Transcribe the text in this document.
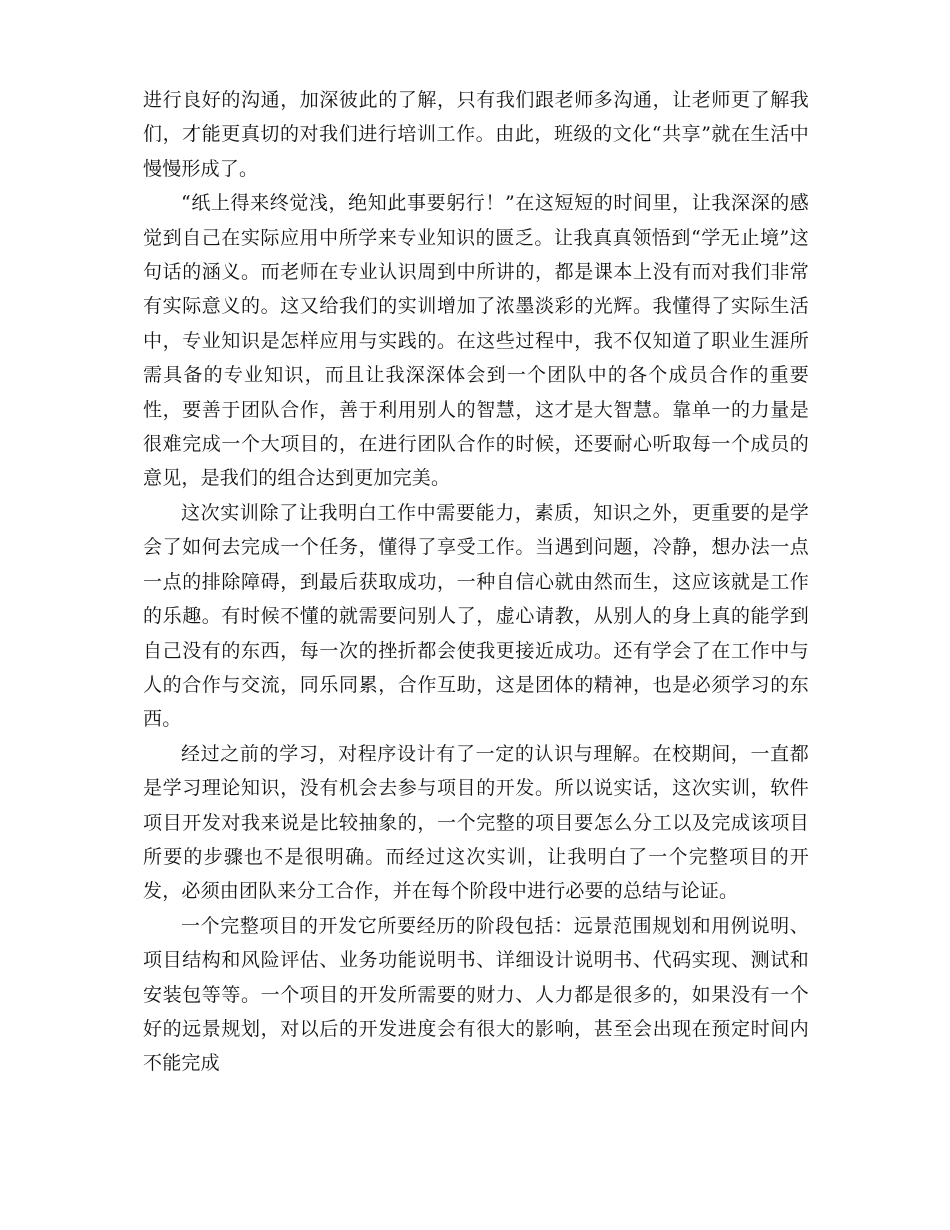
进行良好的沟通，加深彼此的了解，只有我们跟老师多沟通，让老师更了解我们，才能更真切的对我们进行培训工作。由此，班级的文化“共享”就在生活中慢慢形成了。

“纸上得来终觉浅，绝知此事要躬行！”在这短短的时间里，让我深深的感觉到自己在实际应用中所学来专业知识的匮乏。让我真真领悟到“学无止境”这句话的涵义。而老师在专业认识周到中所讲的，都是课本上没有而对我们非常有实际意义的。这又给我们的实训增加了浓墨淡彩的光辉。我懂得了实际生活中，专业知识是怎样应用与实践的。在这些过程中，我不仅知道了职业生涯所需具备的专业知识，而且让我深深体会到一个团队中的各个成员合作的重要性，要善于团队合作，善于利用别人的智慧，这才是大智慧。靠单一的力量是很难完成一个大项目的，在进行团队合作的时候，还要耐心听取每一个成员的意见，是我们的组合达到更加完美。

这次实训除了让我明白工作中需要能力，素质，知识之外，更重要的是学会了如何去完成一个任务，懂得了享受工作。当遇到问题，冷静，想办法一点一点的排除障碍，到最后获取成功，一种自信心就由然而生，这应该就是工作的乐趣。有时候不懂的就需要问别人了，虚心请教，从别人的身上真的能学到自己没有的东西，每一次的挫折都会使我更接近成功。还有学会了在工作中与人的合作与交流，同乐同累，合作互助，这是团体的精神，也是必须学习的东西。

经过之前的学习，对程序设计有了一定的认识与理解。在校期间，一直都是学习理论知识，没有机会去参与项目的开发。所以说实话，这次实训，软件项目开发对我来说是比较抽象的，一个完整的项目要怎么分工以及完成该项目所要的步骤也不是很明确。而经过这次实训，让我明白了一个完整项目的开发，必须由团队来分工合作，并在每个阶段中进行必要的总结与论证。

一个完整项目的开发它所要经历的阶段包括：远景范围规划和用例说明、项目结构和风险评估、业务功能说明书、详细设计说明书、代码实现、测试和安装包等等。一个项目的开发所需要的财力、人力都是很多的，如果没有一个好的远景规划，对以后的开发进度会有很大的影响，甚至会出现在预定时间内不能完成
